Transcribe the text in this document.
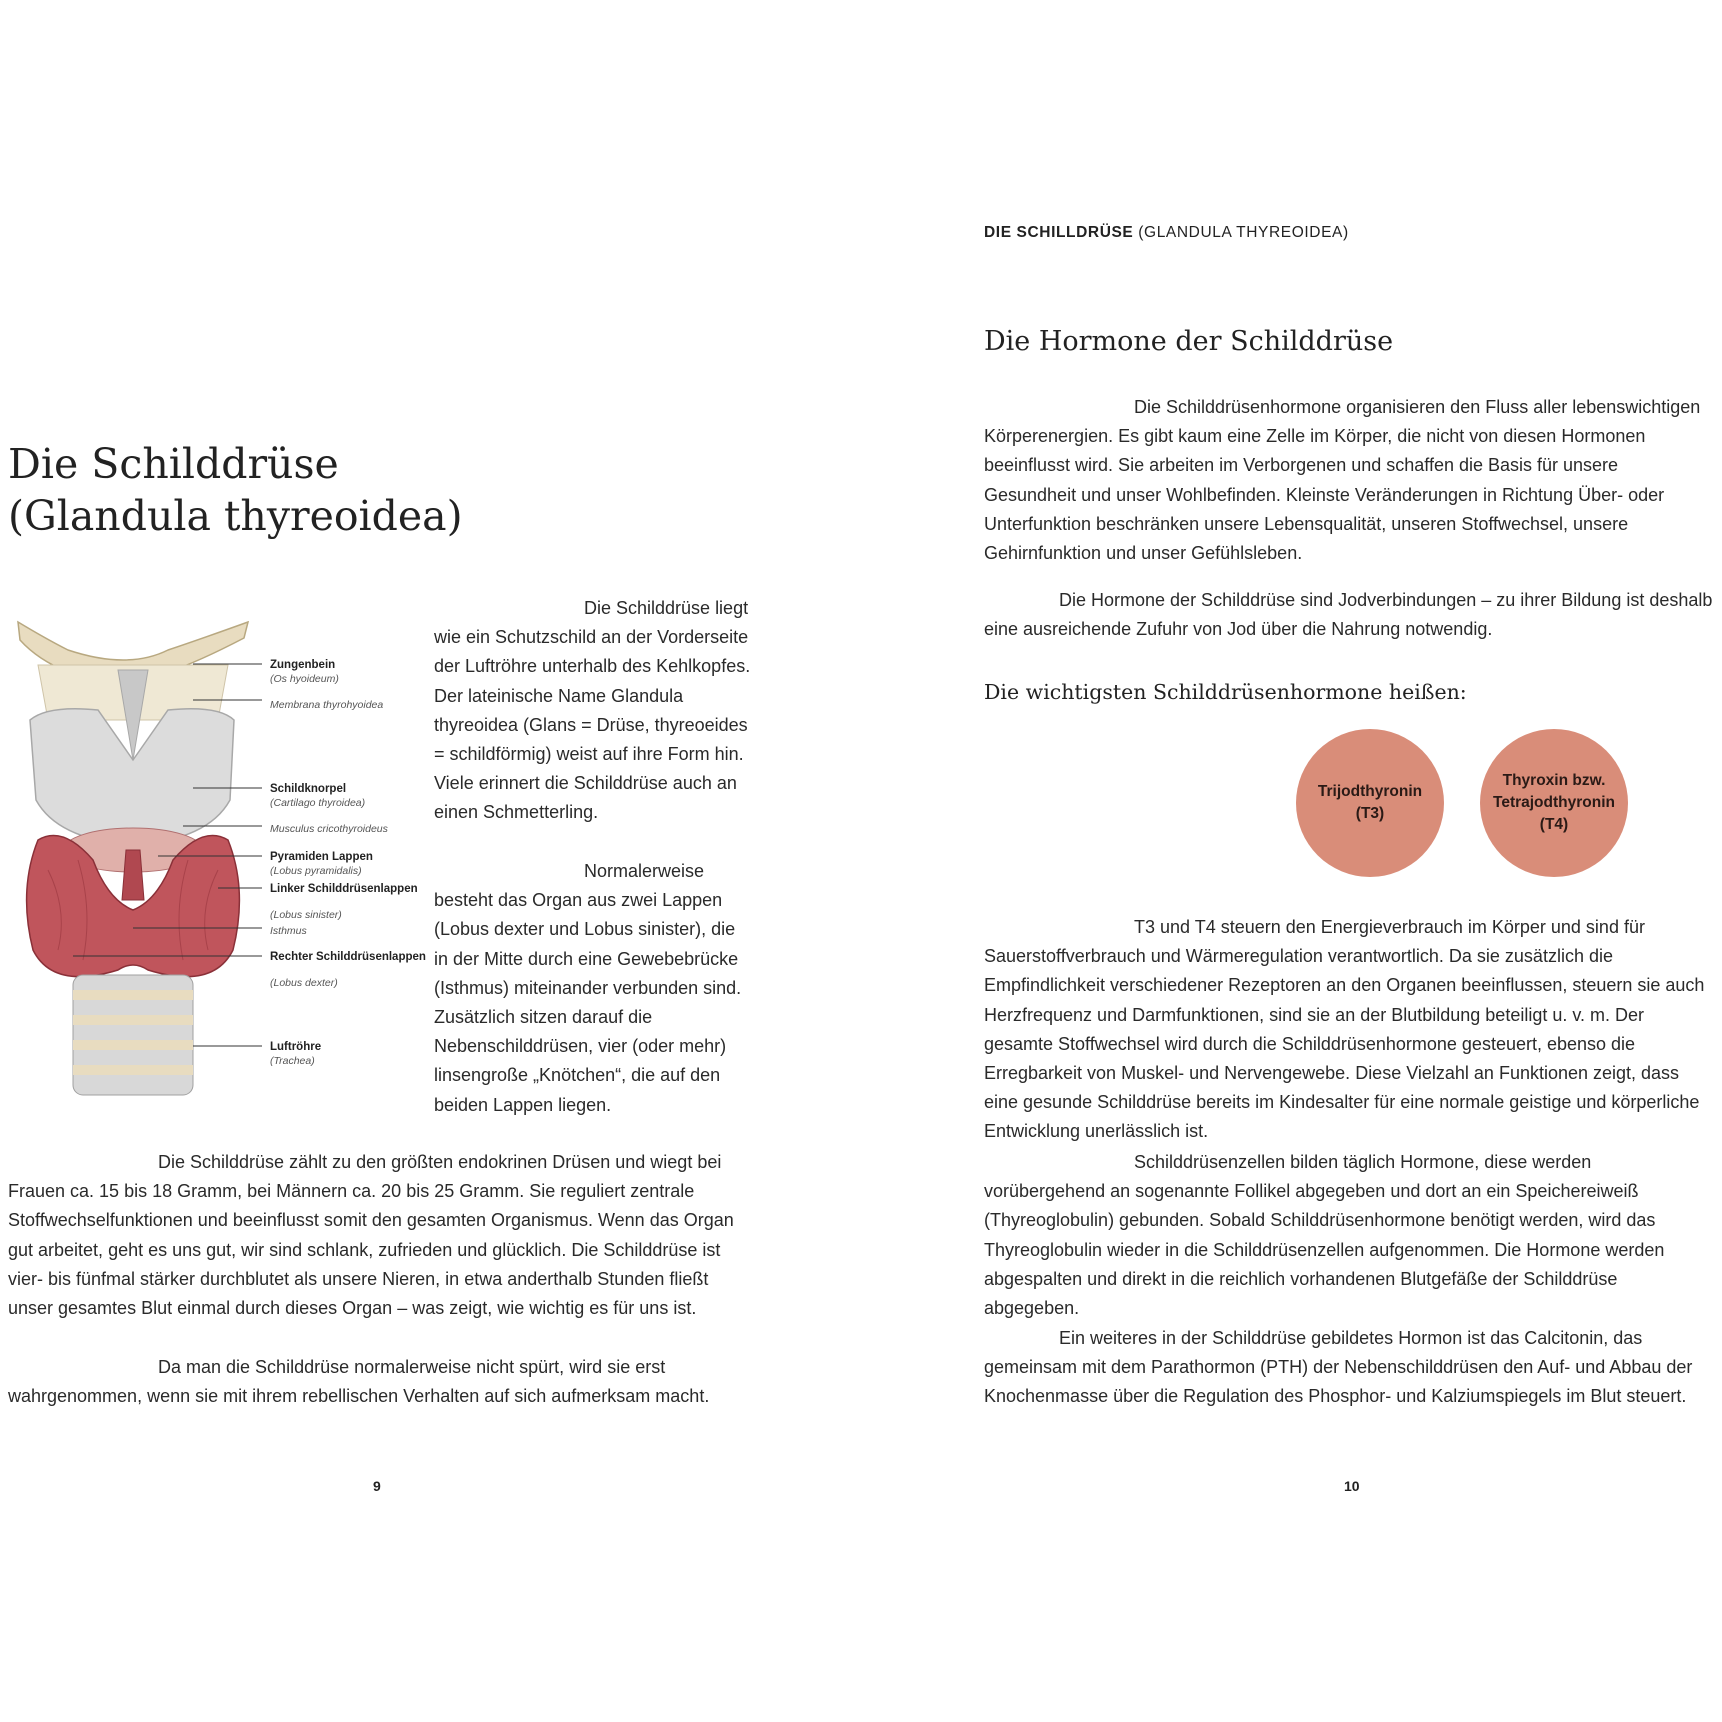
DIE SCHILLDRÜSE (GLANDULA THYREOIDEA)
Die Schilddrüse
(Glandula thyreoidea)
Zungenbein
(Os hyoideum)
Membrana thyrohyoidea
Schildknorpel
(Cartilago thyroidea)
Musculus cricothyroideus
Pyramiden Lappen
(Lobus pyramidalis)
Linker Schilddrüsenlappen
(Lobus sinister)
Isthmus
Rechter Schilddrüsenlappen
(Lobus dexter)
Luftröhre
(Trachea)

Die Schilddrüse liegt wie ein Schutzschild an der Vorderseite der Luftröhre unterhalb des Kehlkopfes. Der lateinische Name Glandula thyreoidea (Glans = Drüse, thyreoeides = schildförmig) weist auf ihre Form hin. Viele erinnert die Schilddrüse auch an einen Schmetterling.

Normalerweise besteht das Organ aus zwei Lappen (Lobus dexter und Lobus sinister), die in der Mitte durch eine Gewebebrücke (Isthmus) miteinander verbunden sind. Zusätzlich sitzen darauf die Nebenschilddrüsen, vier (oder mehr) linsengroße „Knötchen“, die auf den beiden Lappen liegen.

Die Schilddrüse zählt zu den größten endokrinen Drüsen und wiegt bei Frauen ca. 15 bis 18 Gramm, bei Männern ca. 20 bis 25 Gramm. Sie reguliert zentrale Stoffwechselfunktionen und beeinflusst somit den gesamten Organismus. Wenn das Organ gut arbeitet, geht es uns gut, wir sind schlank, zufrieden und glücklich. Die Schilddrüse ist vier- bis fünfmal stärker durchblutet als unsere Nieren, in etwa anderthalb Stunden fließt unser gesamtes Blut einmal durch dieses Organ – was zeigt, wie wichtig es für uns ist.

Da man die Schilddrüse normalerweise nicht spürt, wird sie erst wahrgenommen, wenn sie mit ihrem rebellischen Verhalten auf sich aufmerksam macht.

9
Die Hormone der Schilddrüse

Die Schilddrüsenhormone organisieren den Fluss aller lebenswichtigen Körperenergien. Es gibt kaum eine Zelle im Körper, die nicht von diesen Hormonen beeinflusst wird. Sie arbeiten im Verborgenen und schaffen die Basis für unsere Gesundheit und unser Wohlbefinden. Kleinste Veränderungen in Richtung Über- oder Unterfunktion beschränken unsere Lebensqualität, unseren Stoffwechsel, unsere Gehirnfunktion und unser Gefühlsleben.

Die Hormone der Schilddrüse sind Jodverbindungen – zu ihrer Bildung ist deshalb eine ausreichende Zufuhr von Jod über die Nahrung notwendig.

Die wichtigsten Schilddrüsenhormone heißen:
Trijodthyronin
(T3)
Thyroxin bzw.
Tetrajodthyronin
(T4)

T3 und T4 steuern den Energieverbrauch im Körper und sind für Sauerstoffverbrauch und Wärmeregulation verantwortlich. Da sie zusätzlich die Empfindlichkeit verschiedener Rezeptoren an den Organen beeinflussen, steuern sie auch Herzfrequenz und Darmfunktionen, sind sie an der Blutbildung beteiligt u. v. m. Der gesamte Stoffwechsel wird durch die Schilddrüsenhormone gesteuert, ebenso die Erregbarkeit von Muskel- und Nervengewebe. Diese Vielzahl an Funktionen zeigt, dass eine gesunde Schilddrüse bereits im Kindesalter für eine normale geistige und körperliche Entwicklung unerlässlich ist.

Schilddrüsenzellen bilden täglich Hormone, diese werden vorübergehend an sogenannte Follikel abgegeben und dort an ein Speichereiweiß (Thyreoglobulin) gebunden. Sobald Schilddrüsenhormone benötigt werden, wird das Thyreoglobulin wieder in die Schilddrüsenzellen aufgenommen. Die Hormone werden abgespalten und direkt in die reichlich vorhandenen Blutgefäße der Schilddrüse abgegeben.

Ein weiteres in der Schilddrüse gebildetes Hormon ist das Calcitonin, das gemeinsam mit dem Parathormon (PTH) der Nebenschilddrüsen den Auf- und Abbau der Knochenmasse über die Regulation des Phosphor- und Kalziumspiegels im Blut steuert.

10
